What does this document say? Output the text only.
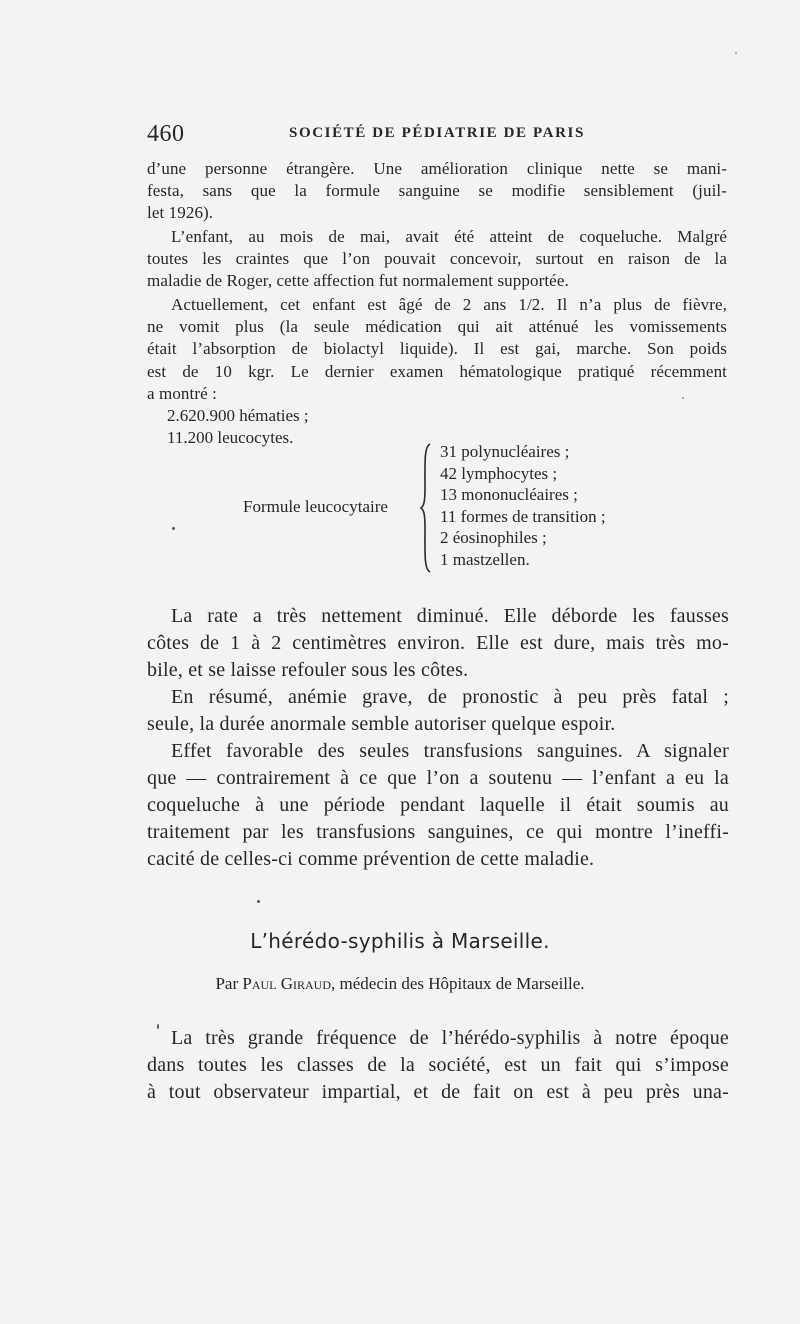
460	SOCIÉTÉ DE PÉDIATRIE DE PARIS
d’une personne étrangère. Une amélioration clinique nette se mani-
festa, sans que la formule sanguine se modifie sensiblement (juil-
let 1926).
L’enfant, au mois de mai, avait été atteint de coqueluche. Malgré
toutes les craintes que l’on pouvait concevoir, surtout en raison de la
maladie de Roger, cette affection fut normalement supportée.
Actuellement, cet enfant est âgé de 2 ans 1/2. Il n’a plus de fièvre,
ne vomit plus (la seule médication qui ait atténué les vomissements
était l’absorption de biolactyl liquide). Il est gai, marche. Son poids
est de 10 kgr. Le dernier examen hématologique pratiqué récemment
a montré :
2.620.900 hématies ;
11.200 leucocytes.
Formule leucocytaire
31 polynucléaires ;
42 lymphocytes ;
13 mononucléaires ;
11 formes de transition ;
2 éosinophiles ;
1 mastzellen.
La rate a très nettement diminué. Elle déborde les fausses
côtes de 1 à 2 centimètres environ. Elle est dure, mais très mo-
bile, et se laisse refouler sous les côtes.
En résumé, anémie grave, de pronostic à peu près fatal ;
seule, la durée anormale semble autoriser quelque espoir.
Effet favorable des seules transfusions sanguines. A signaler
que — contrairement à ce que l’on a soutenu — l’enfant a eu la
coqueluche à une période pendant laquelle il était soumis au
traitement par les transfusions sanguines, ce qui montre l’ineffi-
cacité de celles-ci comme prévention de cette maladie.
L’hérédo-syphilis à Marseille.
Par Paul Giraud, médecin des Hôpitaux de Marseille.
La très grande fréquence de l’hérédo-syphilis à notre époque
dans toutes les classes de la société, est un fait qui s’impose
à tout observateur impartial, et de fait on est à peu près una-
